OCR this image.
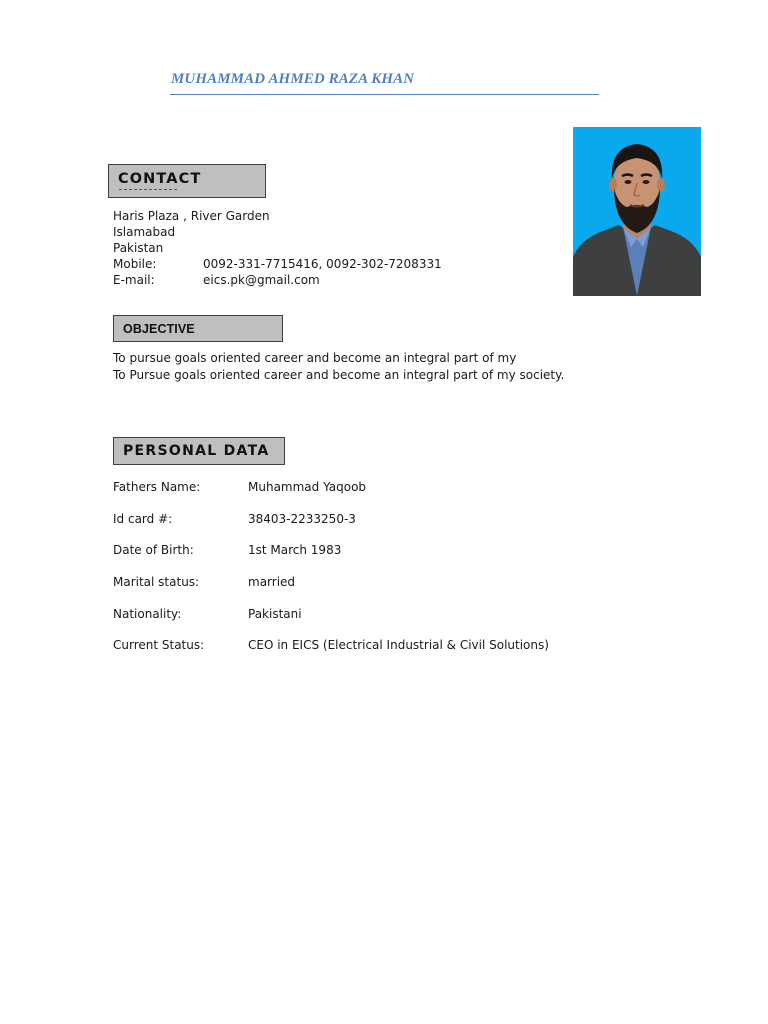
MUHAMMAD AHMED RAZA KHAN
CONTACT
Haris Plaza , River Garden
Islamabad
Pakistan
Mobile:	0092-331-7715416, 0092-302-7208331
E-mail:	eics.pk@gmail.com
OBJECTIVE
To pursue goals oriented career and become an integral part of my
To Pursue goals oriented career and become an integral part of my society.
PERSONAL DATA
Fathers Name:	Muhammad Yaqoob
Id card #:	38403-2233250-3
Date of Birth:	1st March 1983
Marital status:	married
Nationality:	Pakistani
Current Status:	CEO in EICS (Electrical Industrial & Civil Solutions)
